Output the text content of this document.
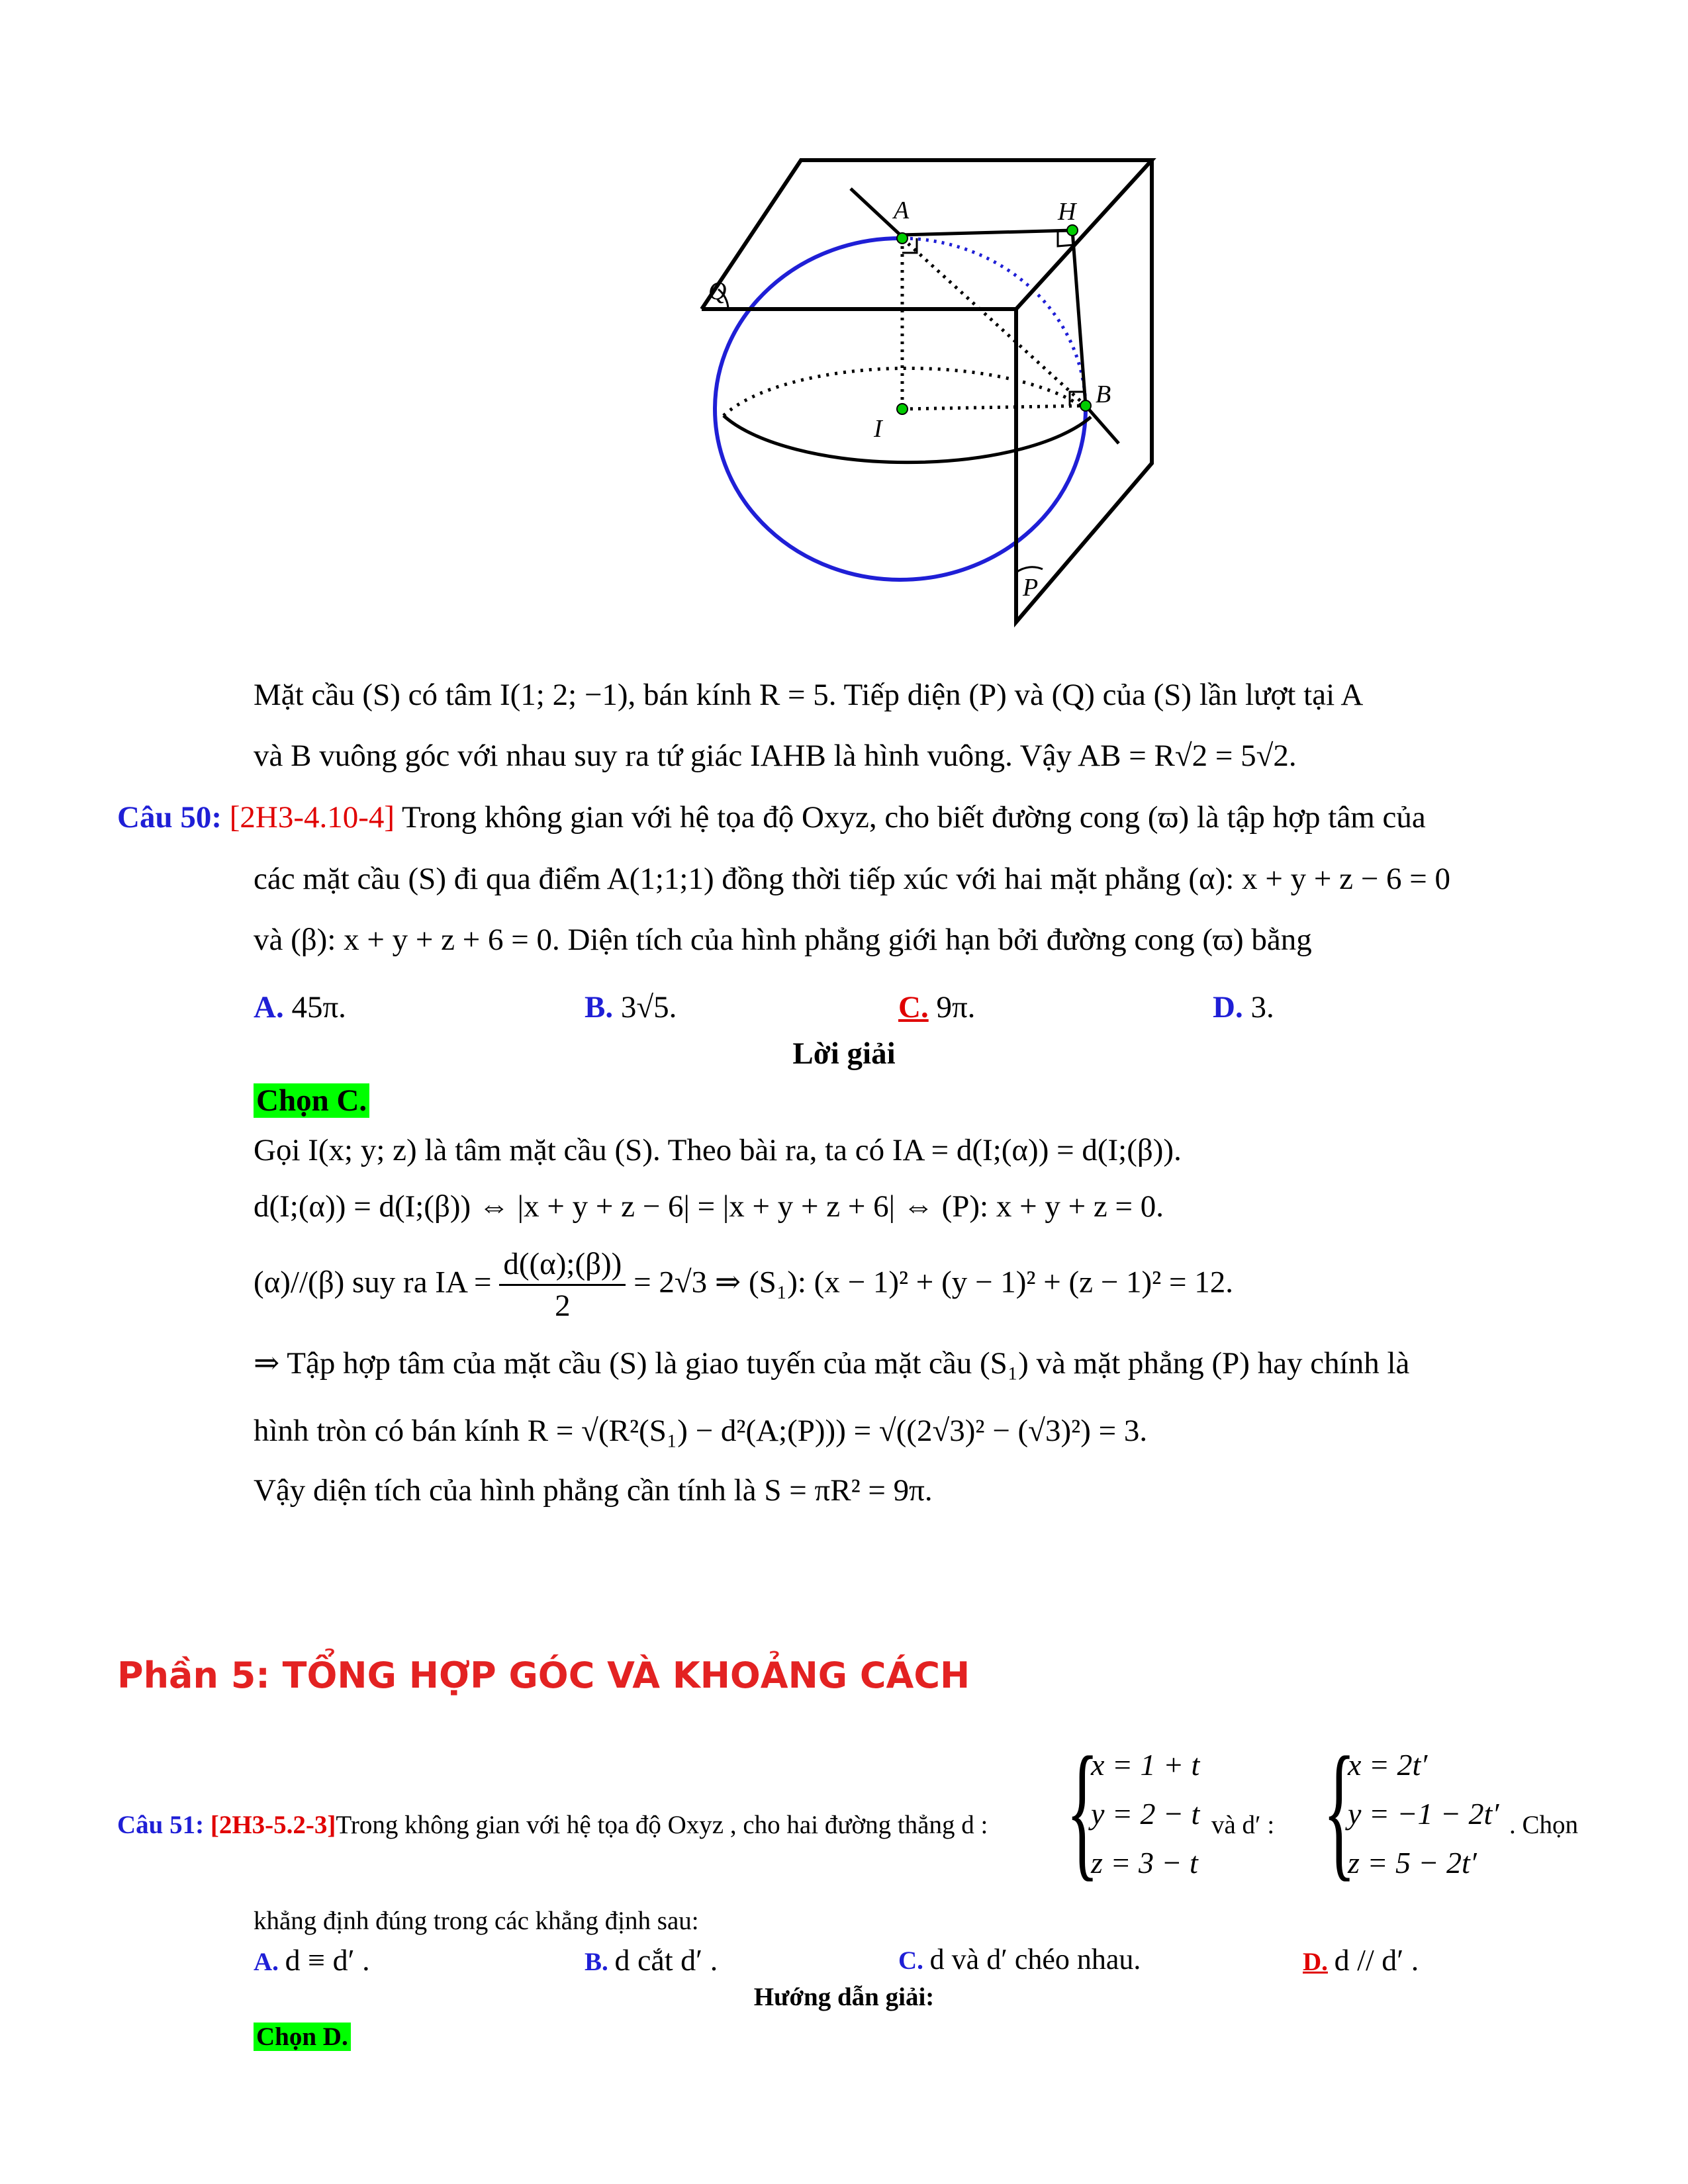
A	H
Q
B
I
P
Mặt cầu (S) có tâm I(1; 2; −1), bán kính R = 5. Tiếp diện (P) và (Q) của (S) lần lượt tại A
và B vuông góc với nhau suy ra tứ giác IAHB là hình vuông. Vậy AB = R√2 = 5√2.
Câu 50: [2H3-4.10-4] Trong không gian với hệ tọa độ Oxyz, cho biết đường cong (ϖ) là tập hợp tâm của
các mặt cầu (S) đi qua điểm A(1;1;1) đồng thời tiếp xúc với hai mặt phẳng (α): x + y + z − 6 = 0
và (β): x + y + z + 6 = 0. Diện tích của hình phẳng giới hạn bởi đường cong (ϖ) bằng
A. 45π.	B. 3√5.	C. 9π.	D. 3.
Lời giải
Chọn C.
Gọi I(x; y; z) là tâm mặt cầu (S). Theo bài ra, ta có IA = d(I;(α)) = d(I;(β)).
d(I;(α)) = d(I;(β)) ⇔ |x + y + z − 6| = |x + y + z + 6| ⇔ (P): x + y + z = 0.
(α)//(β) suy ra IA = $\frac{d((\alpha);(\beta))}{2} = 2√3$ ⇒ (S₁): (x − 1)² + (y − 1)² + (z − 1)² = 12.
⇒ Tập hợp tâm của mặt cầu (S) là giao tuyến của mặt cầu (S₁) và mặt phẳng (P) hay chính là
hình tròn có bán kính R = √(R²(S₁) − d²(A;(P))) = √((2√3)² − (√3)²) = 3.
Vậy diện tích của hình phẳng cần tính là S = πR² = 9π.
Phần 5: TỔNG HỢP GÓC VÀ KHOẢNG CÁCH
Câu 51: [2H3-5.2-3]Trong không gian với hệ tọa độ Oxyz , cho hai đường thẳng d : {
x = 1 + t
y = 2 − t
z = 3 − t
và d′ : {
x = 2t′
y = −1 − 2t′
z = 5 − 2t′
. Chọn
khẳng định đúng trong các khẳng định sau:
A. d ≡ d′ .	B. d cắt d′ .	C. d và d′ chéo nhau.	D. d // d′ .
Hướng dẫn giải:
Chọn D.
